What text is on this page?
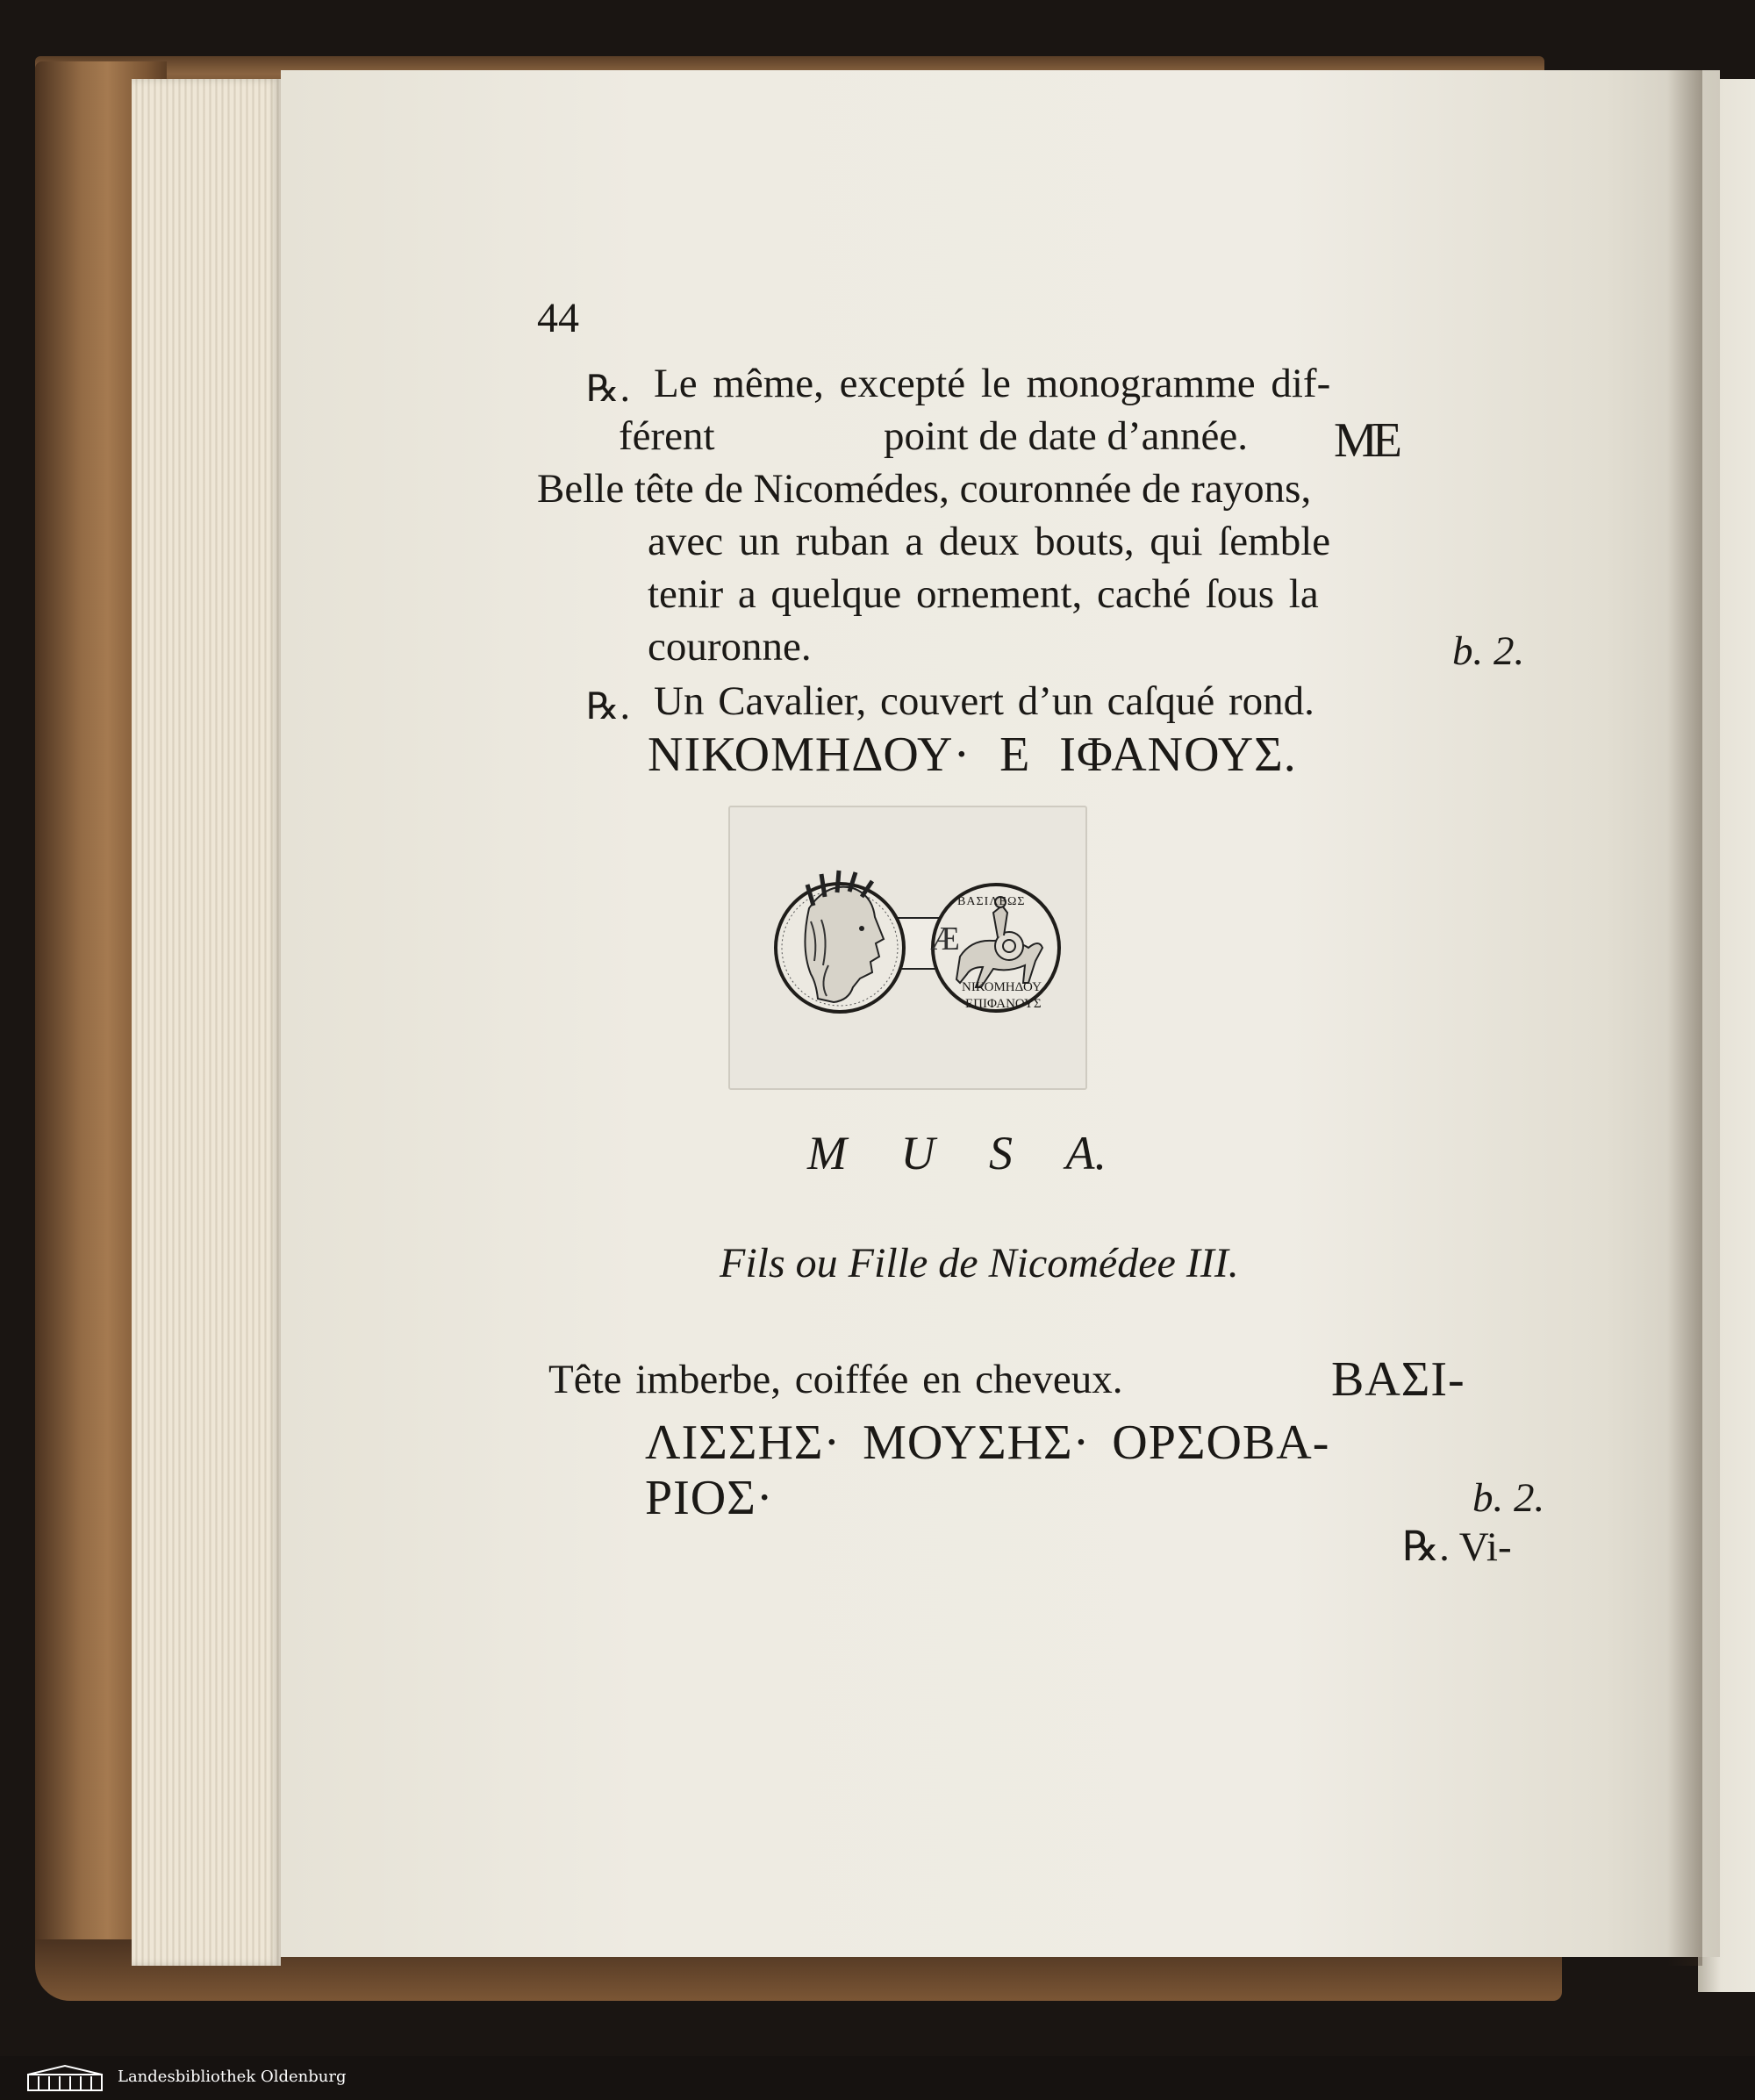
44
℞. Le même, excepté le monogramme dif-
férent	point de date d’année. ME
Belle tête de Nicomédes, couronnée de rayons,
avec un ruban a deux bouts, qui ſemble
tenir a quelque ornement, caché ſous la
couronne.	b. 2.
℞. Un Cavalier, couvert d’un caſqué rond.
ΝΙΚΟΜΗΔΟΥ· Ε ΙΦΑΝΟΥΣ.
Æ
ΒΑΣΙΛΕΩΣ
ΝΙΚΟΜΗΔΟΥ
ΕΠΙΦΑΝΟΥΣ
M U S A.
Fils ou Fille de Nicomédee III.
Tête imberbe, coiffée en cheveux.	ΒΑΣΙ-
ΛΙΣΣΗΣ· ΜΟΥΣΗΣ· ΟΡΣΟΒΑ-
ΡΙΟΣ·	b. 2.
℞. Vi-
Landesbibliothek Oldenburg
